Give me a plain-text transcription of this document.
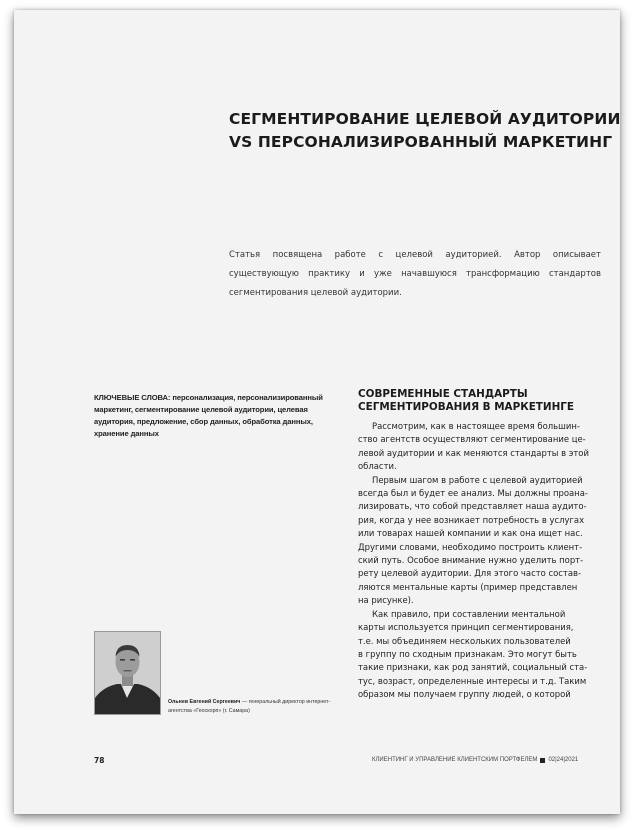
СЕГМЕНТИРОВАНИЕ ЦЕЛЕВОЙ АУДИТОРИИ
VS ПЕРСОНАЛИЗИРОВАННЫЙ МАРКЕТИНГ

Статья посвящена работе с целевой аудиторией. Автор описывает существующую практику и уже начавшуюся трансформацию стандартов сегментирования целевой аудитории.

КЛЮЧЕВЫЕ СЛОВА: персонализация, персонализированный маркетинг, сегментирование целевой аудитории, целевая аудитория, предложение, сбор данных, обработка данных, хранение данных

СОВРЕМЕННЫЕ СТАНДАРТЫ
СЕГМЕНТИРОВАНИЯ В МАРКЕТИНГЕ
Рассмотрим, как в настоящее время большин-
ство агентств осуществляют сегментирование це-
левой аудитории и как меняются стандарты в этой
области.
Первым шагом в работе с целевой аудиторией
всегда был и будет ее анализ. Мы должны проана-
лизировать, что собой представляет наша аудито-
рия, когда у нее возникает потребность в услугах
или товарах нашей компании и как она ищет нас.
Другими словами, необходимо построить клиент-
ский путь. Особое внимание нужно уделить порт-
рету целевой аудитории. Для этого часто состав-
ляются ментальные карты (пример представлен
на рисунке).
Как правило, при составлении ментальной
карты используется принцип сегментирования,
т.е. мы объединяем нескольких пользователей
в группу по сходным признакам. Это могут быть
такие признаки, как род занятий, социальный ста-
тус, возраст, определенные интересы и т.д. Таким
образом мы получаем группу людей, о которой

Ольнев Евгений Сергеевич — генеральный директор интернет-агентства «Геоскорп» (г. Самара)

78	КЛИЕНТИНГ И УПРАВЛЕНИЕ КЛИЕНТСКИМ ПОРТФЕЛЕМ 02|24|2021
